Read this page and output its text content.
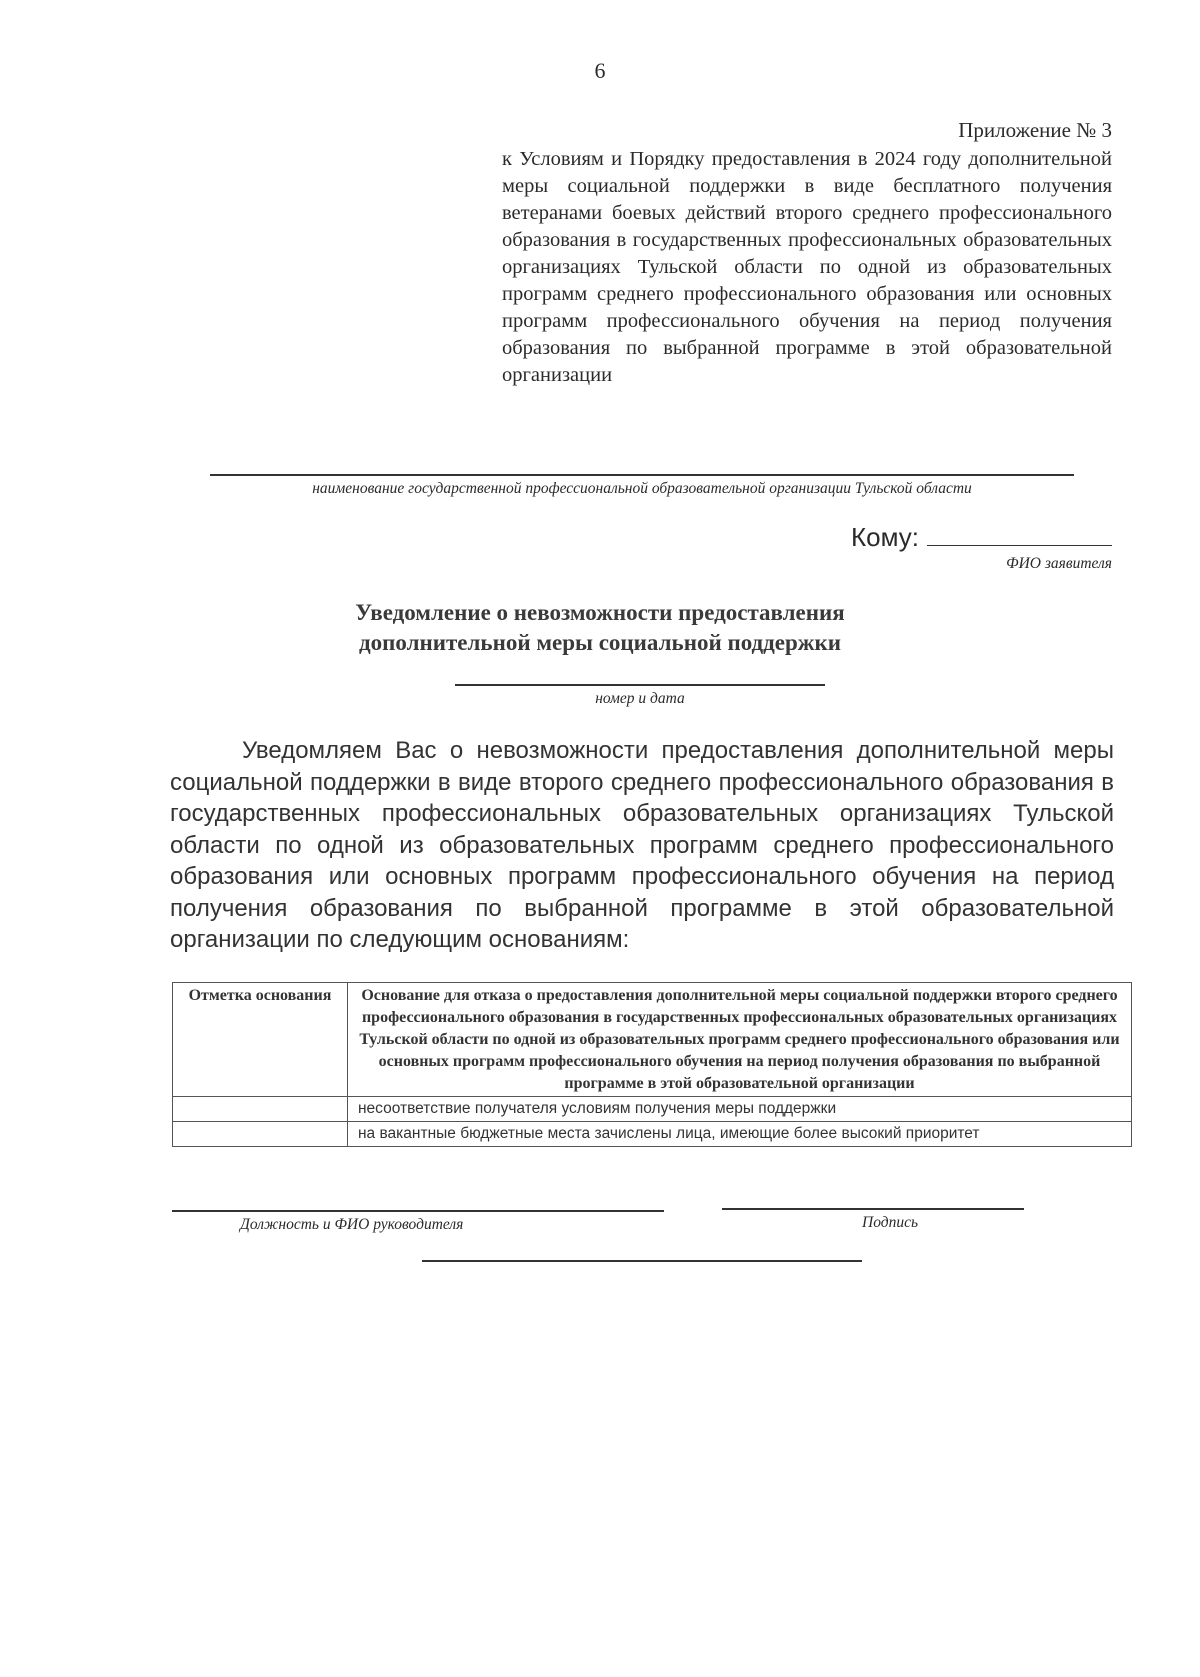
6
Приложение № 3
к Условиям и Порядку предоставления в 2024 году дополнительной меры социальной поддержки в виде бесплатного получения ветеранами боевых действий второго среднего профессионального образования в государственных профессиональных образовательных организациях Тульской области по одной из образовательных программ среднего профессионального образования или основных программ профессионального обучения на период получения образования по выбранной программе в этой образовательной организации
наименование государственной профессиональной образовательной организации Тульской области
Кому:
ФИО заявителя
Уведомление о невозможности предоставления
дополнительной меры социальной поддержки
номер и дата

Уведомляем Вас о невозможности предоставления дополнительной меры социальной поддержки в виде второго среднего профессионального образования в государственных профессиональных образовательных организациях Тульской области по одной из образовательных программ среднего профессионального образования или основных программ профессионального обучения на период получения образования по выбранной программе в этой образовательной организации по следующим основаниям:

Отметка основания	Основание для отказа о предоставления дополнительной меры социальной поддержки второго среднего профессионального образования в государственных профессиональных образовательных организациях Тульской области по одной из образовательных программ среднего профессионального образования или основных программ профессионального обучения на период получения образования по выбранной программе в этой образовательной организации
	несоответствие получателя условиям получения меры поддержки
	на вакантные бюджетные места зачислены лица, имеющие более высокий приоритет
Должность и ФИО руководителя	Подпись
